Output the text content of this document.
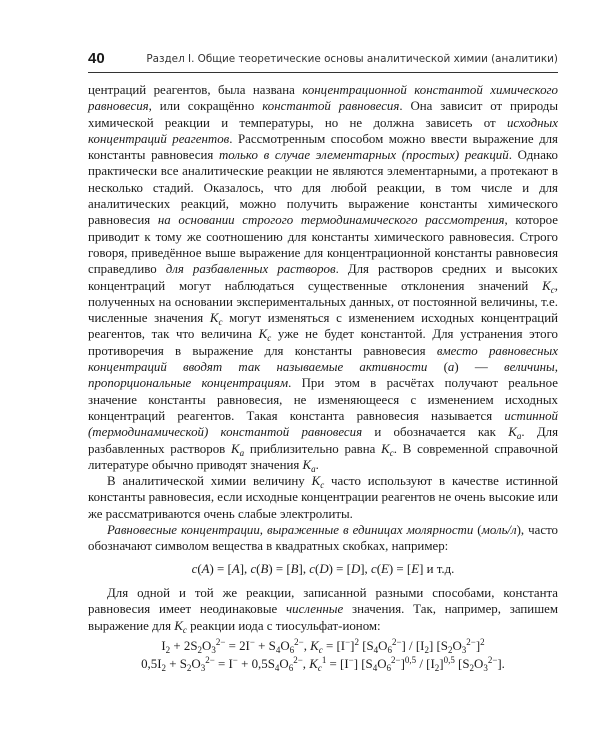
40	Раздел I. Общие теоретические основы аналитической химии (аналитики)

центраций реагентов, была названа концентрационной константой химического равновесия, или сокращённо константой равновесия. Она зависит от природы химической реакции и температуры, но не должна зависеть от исходных концентраций реагентов. Рассмотренным способом можно ввести выражение для константы равновесия только в случае элементарных (простых) реакций. Однако практически все аналитические реакции не являются элементарными, а протекают в несколько стадий. Оказалось, что для любой реакции, в том числе и для аналитических реакций, можно получить выражение константы химического равновесия на основании строгого термодинамического рассмотрения, которое приводит к тому же соотношению для константы химического равновесия. Строго говоря, приведённое выше выражение для концентрационной константы равновесия справедливо для разбавленных растворов. Для растворов средних и высоких концентраций могут наблюдаться существенные отклонения значений $K_c$, полученных на основании экспериментальных данных, от постоянной величины, т.е. численные значения $K_c$ могут изменяться с изменением исходных концентраций реагентов, так что величина $K_c$ уже не будет константой. Для устранения этого противоречия в выражение для константы равновесия вместо равновесных концентраций вводят так называемые активности (a) — величины, пропорциональные концентрациям. При этом в расчётах получают реальное значение константы равновесия, не изменяющееся с изменением исходных концентраций реагентов. Такая константа равновесия называется истинной (термодинамической) константой равновесия и обозначается как $K_a$. Для разбавленных растворов $K_a$ приблизительно равна $K_c$. В современной справочной литературе обычно приводят значения $K_a$.

В аналитической химии величину $K_c$ часто используют в качестве истинной константы равновесия, если исходные концентрации реагентов не очень высокие или же рассматриваются очень слабые электролиты.

Равновесные концентрации, выраженные в единицах молярности (моль/л), часто обозначают символом вещества в квадратных скобках, например:

c(A) = [A], c(B) = [B], c(D) = [D], c(E) = [E] и т.д.

Для одной и той же реакции, записанной разными способами, константа равновесия имеет неодинаковые численные значения. Так, например, запишем выражение для $K_c$ реакции иода с тиосульфат-ионом:

$I_2 + 2S_2O_3^{2-} = 2I^- + S_4O_6^{2-}$, $K_c = [I^-]^2$ $[S_4O_6^{2-}] / [I_2]$ $[S_2O_3^{2-}]^2$
$0,5I_2 + S_2O_3^{2-} = I^- + 0,5S_4O_6^{2-}$, $K_c^1 = [I^-]$ $[S_4O_6^{2-}]^{0,5} / [I_2]^{0,5}$ $[S_2O_3^{2-}]$.
